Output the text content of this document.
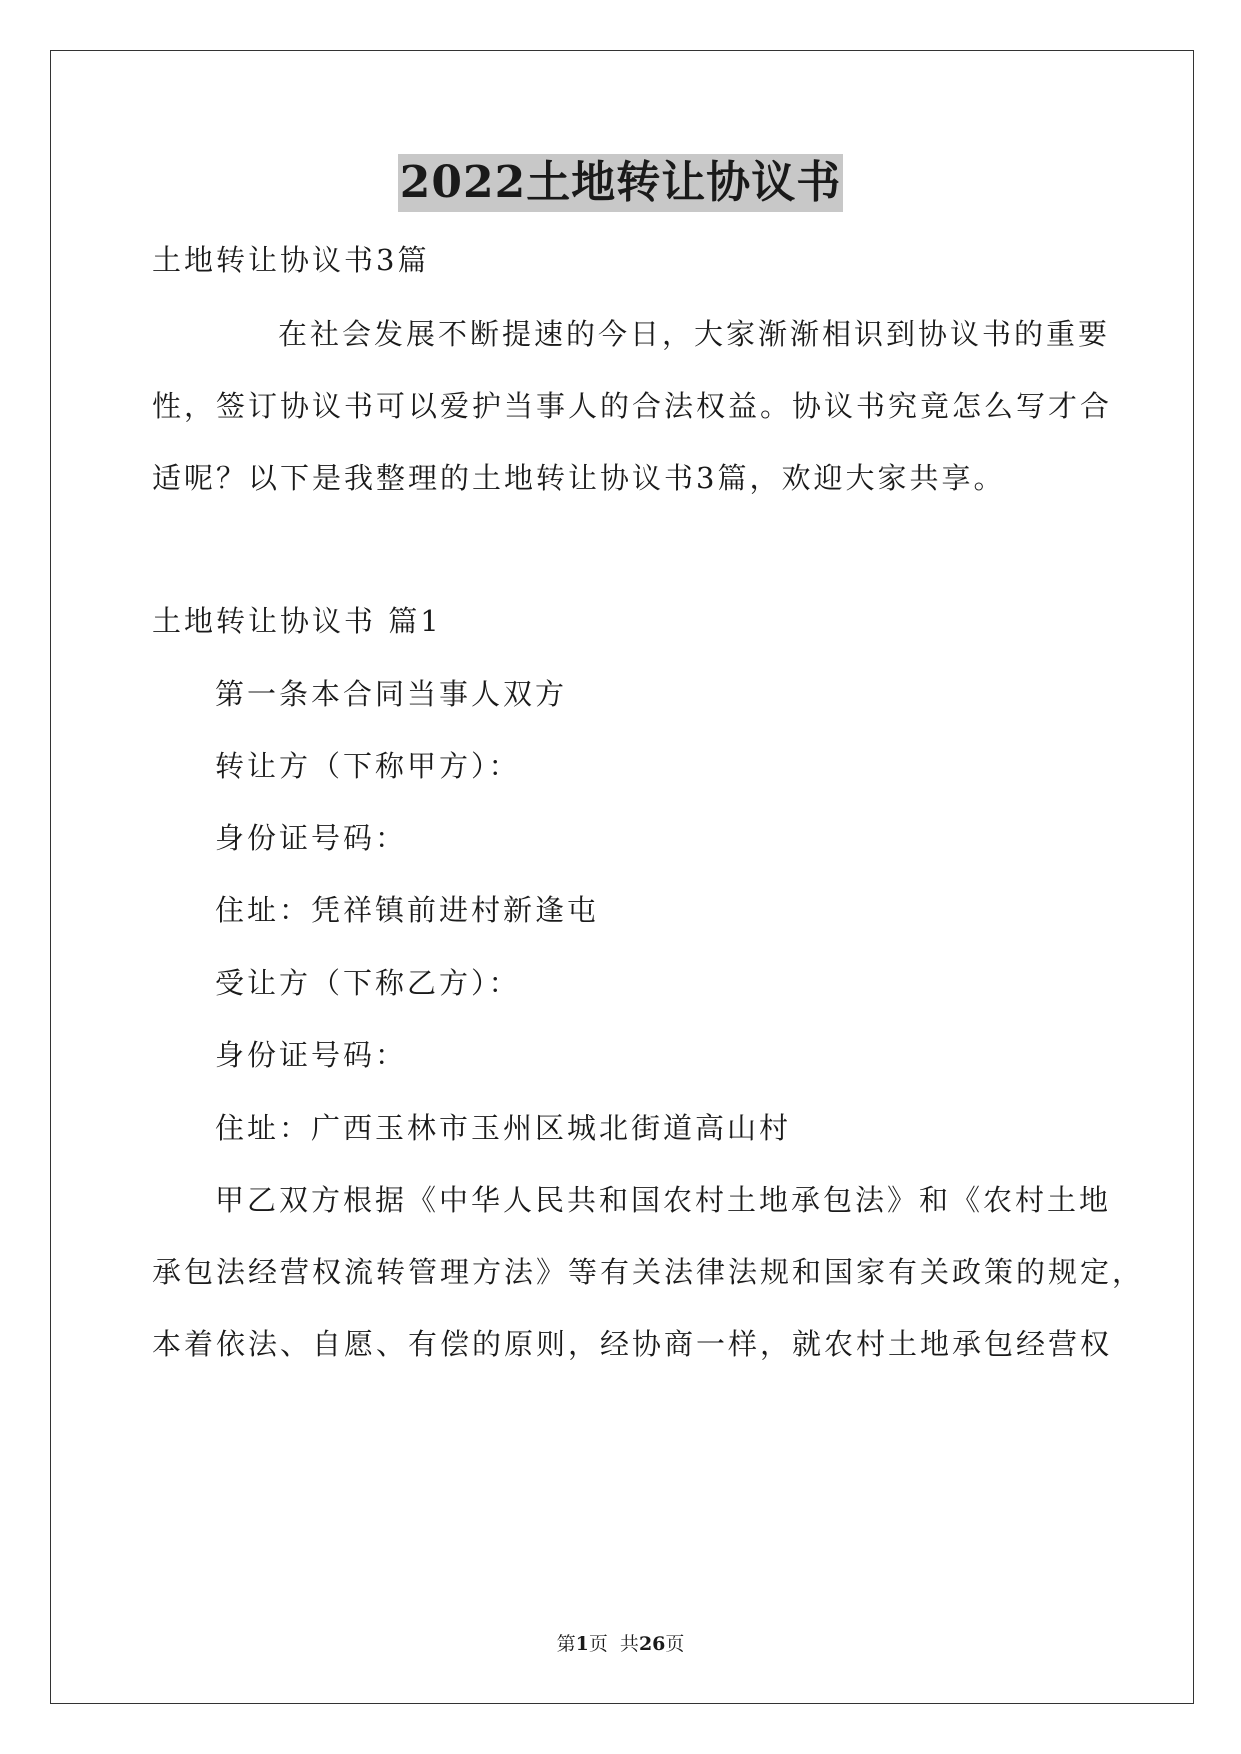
2022土地转让协议书
土地转让协议书3篇
在社会发展不断提速的今日，大家渐渐相识到协议书的重要
性，签订协议书可以爱护当事人的合法权益。协议书究竟怎么写才合
适呢？以下是我整理的土地转让协议书3篇，欢迎大家共享。
土地转让协议书 篇1
第一条本合同当事人双方
转让方（下称甲方）：
身份证号码：
住址：凭祥镇前进村新逢屯
受让方（下称乙方）：
身份证号码：
住址：广西玉林市玉州区城北街道高山村
甲乙双方根据《中华人民共和国农村土地承包法》和《农村土地
承包法经营权流转管理方法》等有关法律法规和国家有关政策的规定，
本着依法、自愿、有偿的原则，经协商一样，就农村土地承包经营权
第1页  共26页
